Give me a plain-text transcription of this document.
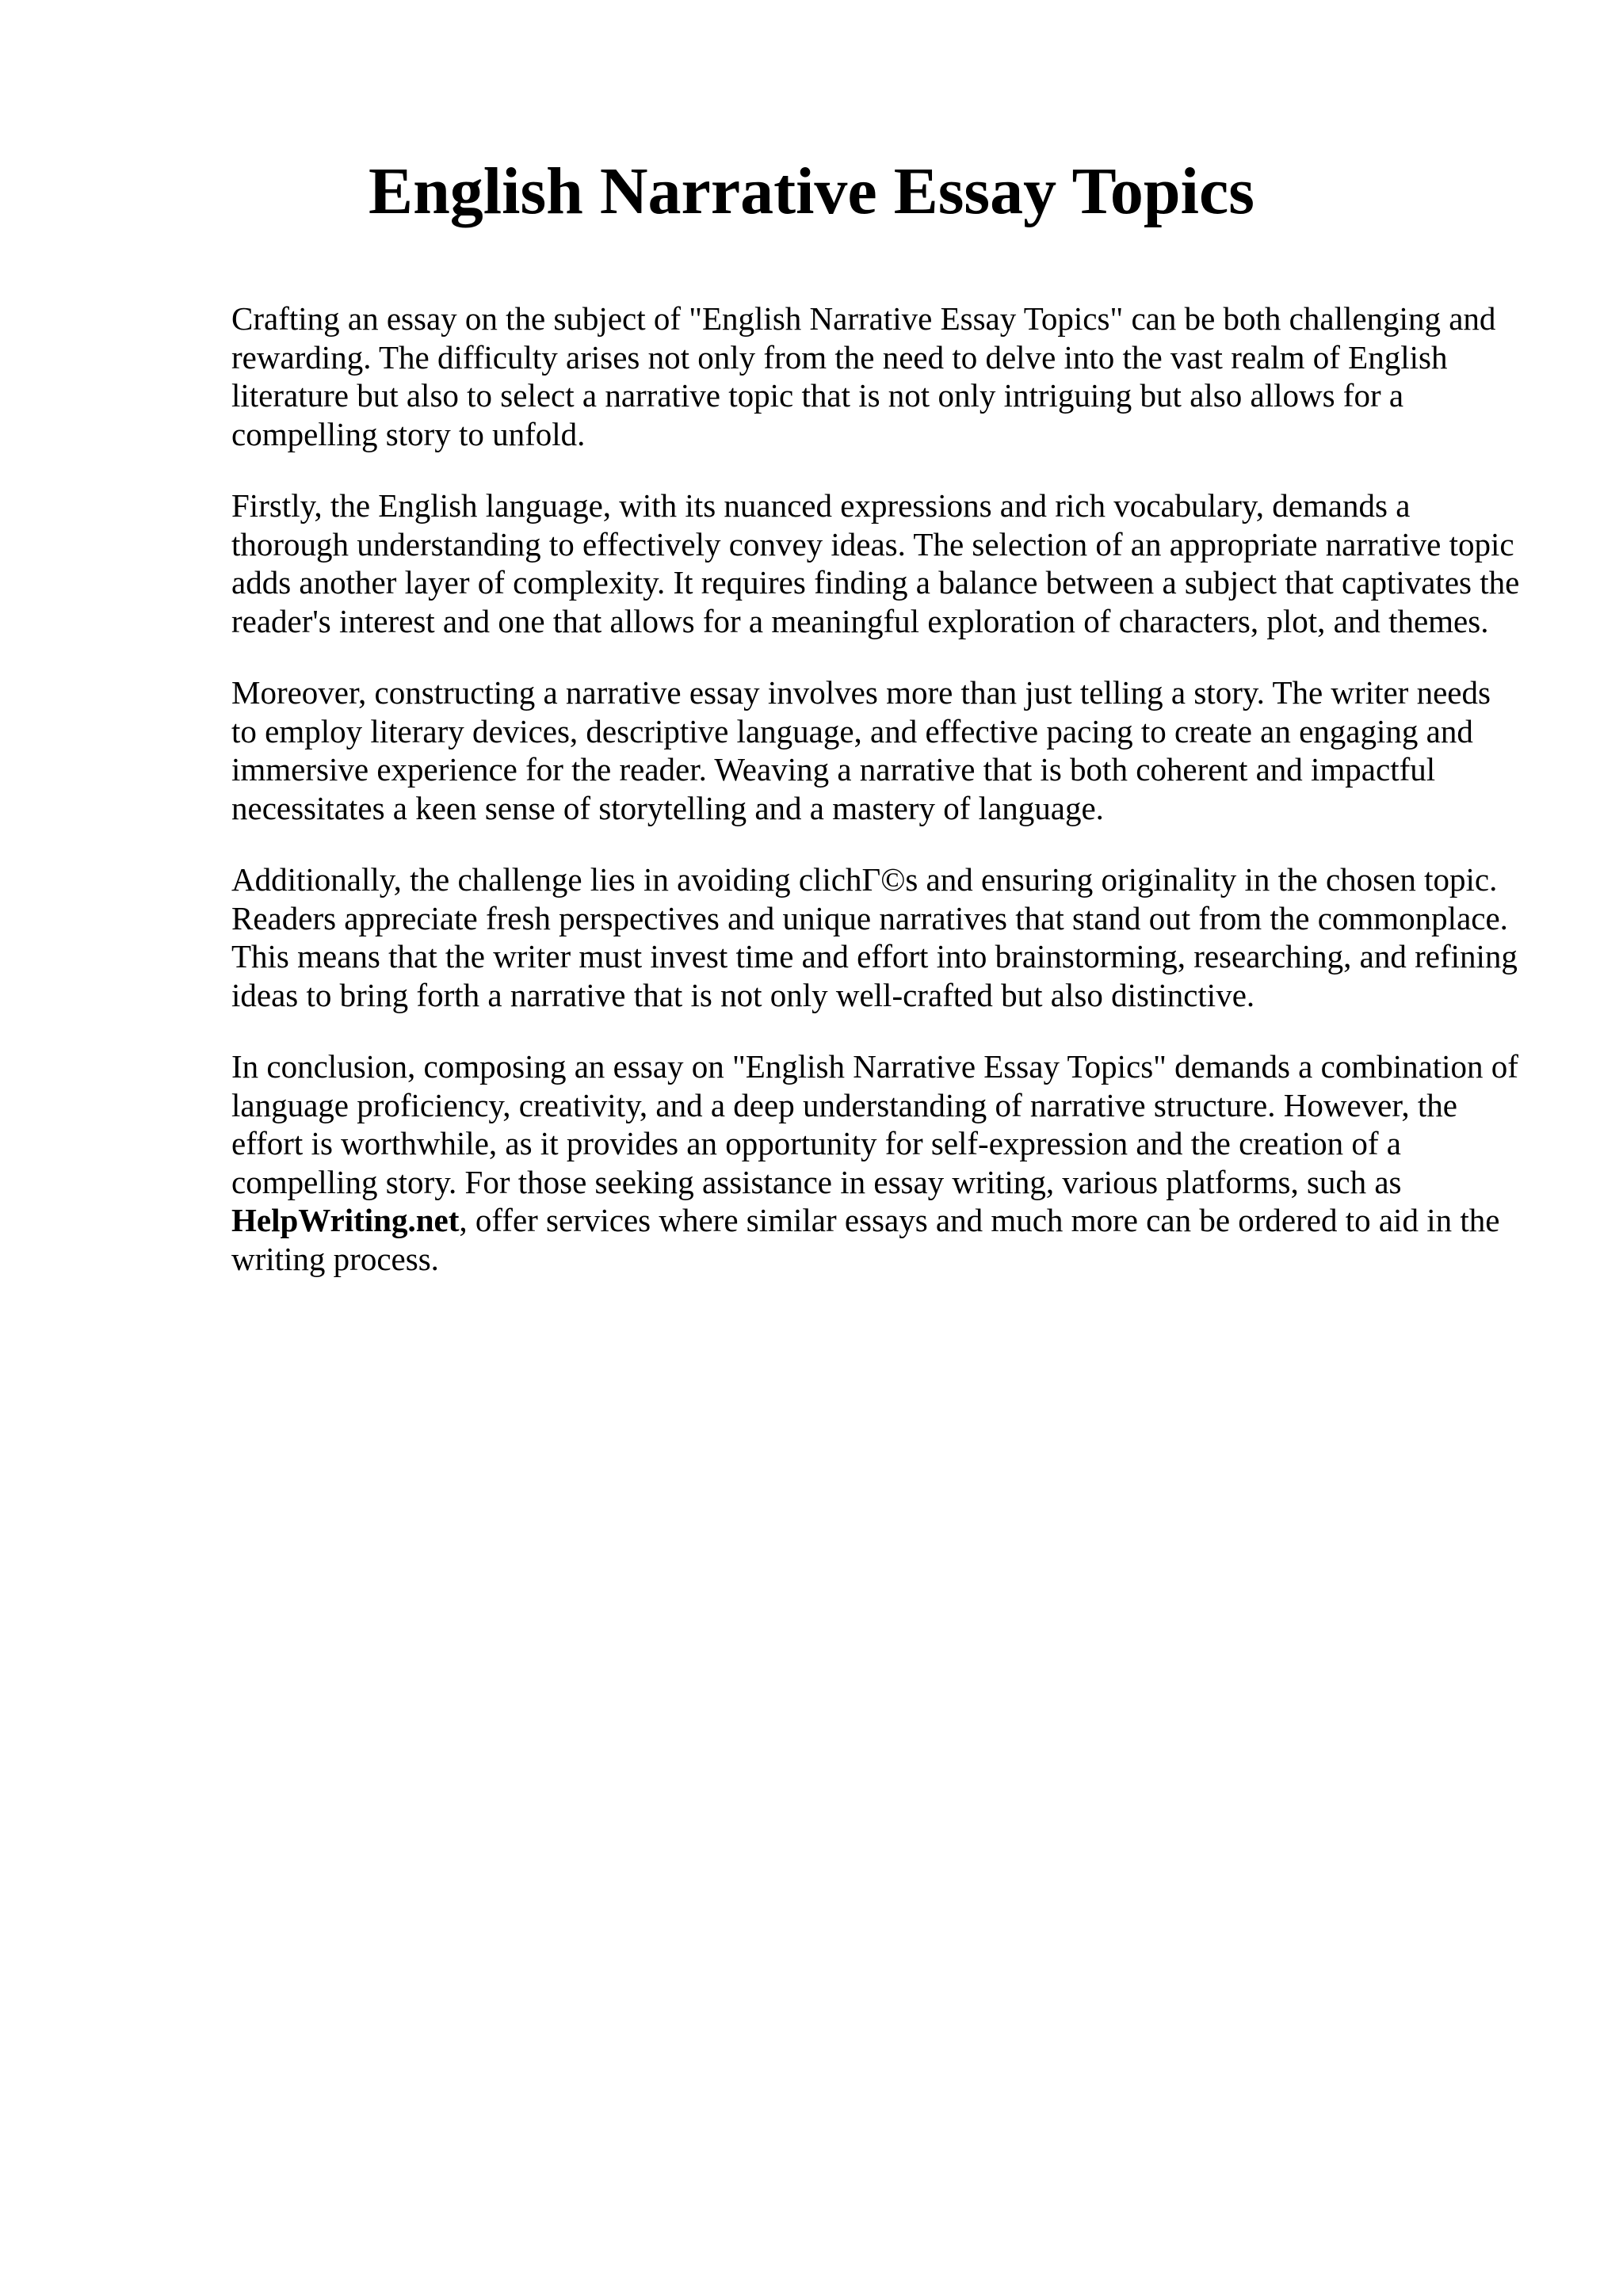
English Narrative Essay Topics

Crafting an essay on the subject of "English Narrative Essay Topics" can be both challenging and rewarding. The difficulty arises not only from the need to delve into the vast realm of English literature but also to select a narrative topic that is not only intriguing but also allows for a compelling story to unfold.

Firstly, the English language, with its nuanced expressions and rich vocabulary, demands a thorough understanding to effectively convey ideas. The selection of an appropriate narrative topic adds another layer of complexity. It requires finding a balance between a subject that captivates the reader's interest and one that allows for a meaningful exploration of characters, plot, and themes.

Moreover, constructing a narrative essay involves more than just telling a story. The writer needs to employ literary devices, descriptive language, and effective pacing to create an engaging and immersive experience for the reader. Weaving a narrative that is both coherent and impactful necessitates a keen sense of storytelling and a mastery of language.

Additionally, the challenge lies in avoiding clichΓ©s and ensuring originality in the chosen topic. Readers appreciate fresh perspectives and unique narratives that stand out from the commonplace. This means that the writer must invest time and effort into brainstorming, researching, and refining ideas to bring forth a narrative that is not only well-crafted but also distinctive.

In conclusion, composing an essay on "English Narrative Essay Topics" demands a combination of language proficiency, creativity, and a deep understanding of narrative structure. However, the effort is worthwhile, as it provides an opportunity for self-expression and the creation of a compelling story. For those seeking assistance in essay writing, various platforms, such as HelpWriting.net, offer services where similar essays and much more can be ordered to aid in the writing process.
